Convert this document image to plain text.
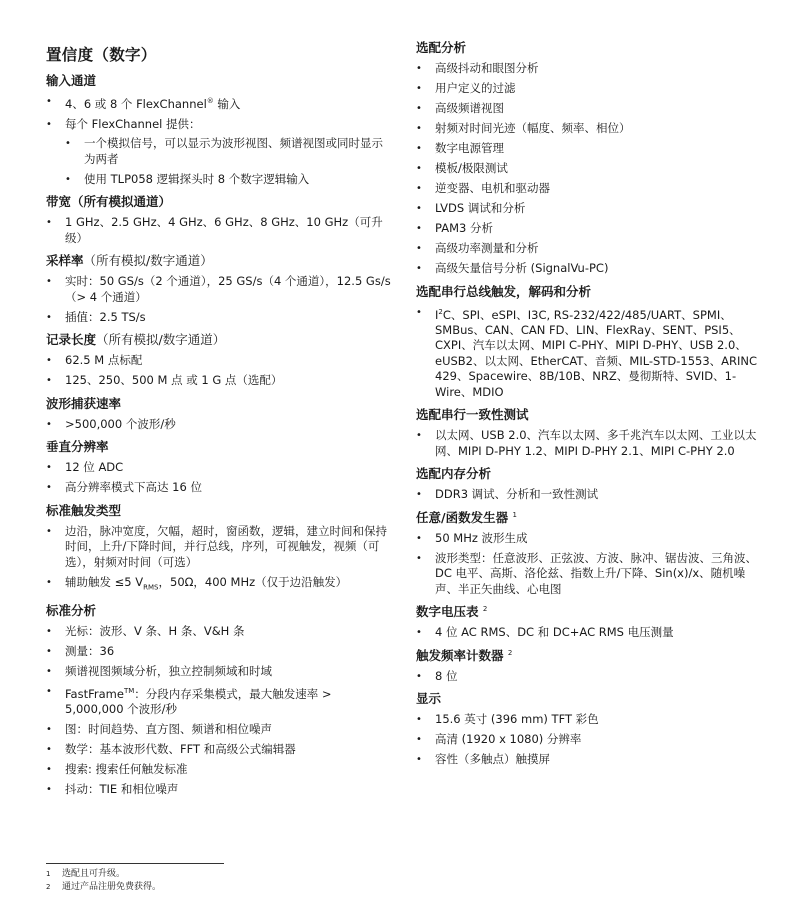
置信度（数字）
输入通道
• 4、6 或 8 个 FlexChannel® 输入
• 每个 FlexChannel 提供：
• 一个模拟信号，可以显示为波形视图、频谱视图或同时显示为两者
• 使用 TLP058 逻辑探头时 8 个数字逻辑输入
带宽（所有模拟通道）
• 1 GHz、2.5 GHz、4 GHz、6 GHz、8 GHz、10 GHz（可升级）
采样率（所有模拟/数字通道）
• 实时：50 GS/s（2 个通道），25 GS/s（4 个通道），12.5 Gs/s（> 4 个通道）
• 插值：2.5 TS/s
记录长度（所有模拟/数字通道）
• 62.5 M 点标配
• 125、250、500 M 点 或 1 G 点（选配）
波形捕获速率
• >500,000 个波形/秒
垂直分辨率
• 12 位 ADC
• 高分辨率模式下高达 16 位
标准触发类型
• 边沿，脉冲宽度，欠幅，超时，窗函数，逻辑，建立时间和保持时间，上升/下降时间，并行总线，序列，可视触发，视频（可选），射频对时间（可选）
• 辅助触发 ≤5 $V_{RMS}$，50Ω，400 MHz（仅于边沿触发）
标准分析
• 光标：波形、V 条、H 条、V&H 条
• 测量：36
• 频谱视图频域分析，独立控制频域和时域
• FastFrame™：分段内存采集模式，最大触发速率 > 5,000,000 个波形/秒
• 图：时间趋势、直方图、频谱和相位噪声
• 数学：基本波形代数、FFT 和高级公式编辑器
• 搜索: 搜索任何触发标准
• 抖动：TIE 和相位噪声
选配分析
• 高级抖动和眼图分析
• 用户定义的过滤
• 高级频谱视图
• 射频对时间光迹（幅度、频率、相位）
• 数字电源管理
• 模板/极限测试
• 逆变器、电机和驱动器
• LVDS 调试和分析
• PAM3 分析
• 高级功率测量和分析
• 高级矢量信号分析 (SignalVu-PC)
选配串行总线触发，解码和分析
• $I^2C$、SPI、eSPI、I3C, RS-232/422/485/UART、SPMI、SMBus、CAN、CAN FD、LIN、FlexRay、SENT、PSI5、CXPI、汽车以太网、MIPI C-PHY、MIPI D-PHY、USB 2.0、eUSB2、以太网、EtherCAT、音频、MIL-STD-1553、ARINC 429、Spacewire、8B/10B、NRZ、曼彻斯特、SVID、1-Wire、MDIO
选配串行一致性测试
• 以太网、USB 2.0、汽车以太网、多千兆汽车以太网、工业以太网、MIPI D-PHY 1.2、MIPI D-PHY 2.1、MIPI C-PHY 2.0
选配内存分析
• DDR3 调试、分析和一致性测试
任意/函数发生器 $^1$
• 50 MHz 波形生成
• 波形类型：任意波形、正弦波、方波、脉冲、锯齿波、三角波、DC 电平、高斯、洛伦兹、指数上升/下降、Sin(x)/x、随机噪声、半正矢曲线、心电图
数字电压表 $^2$
• 4 位 AC RMS、DC 和 DC+AC RMS 电压测量
触发频率计数器 $^2$
• 8 位
显示
• 15.6 英寸 (396 mm) TFT 彩色
• 高清 (1920 x 1080) 分辨率
• 容性（多触点）触摸屏
1 选配且可升级。
2 通过产品注册免费获得。
